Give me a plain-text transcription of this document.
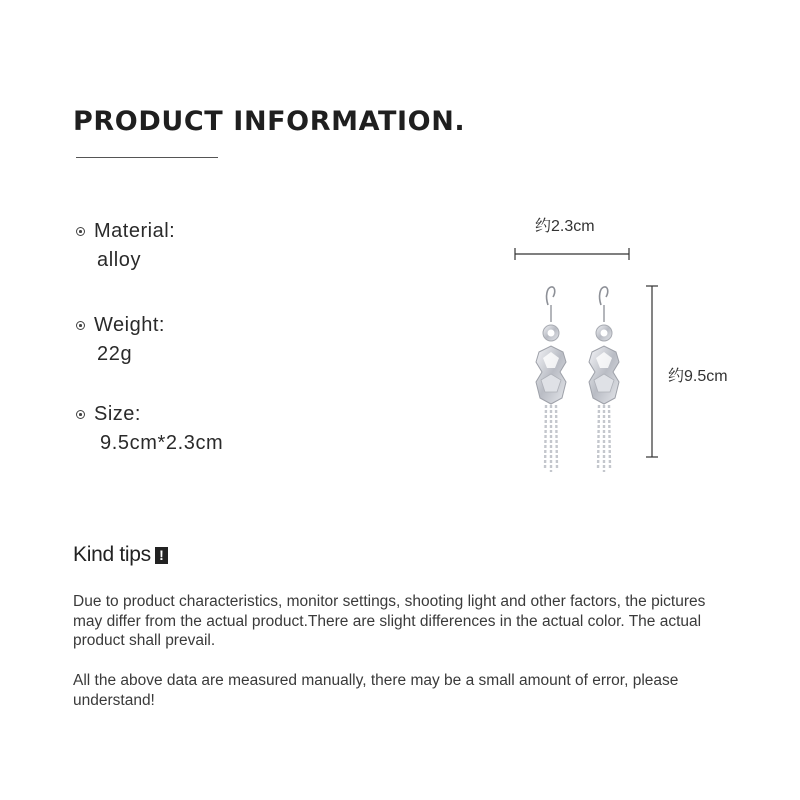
PRODUCT INFORMATION.
Material:
alloy
Weight:
22g
Size:
9.5cm*2.3cm
约2.3cm
约9.5cm
Kind tips !
Due to product characteristics, monitor settings, shooting light and other factors, the pictures may differ from the actual product.There are slight differences in the actual color. The actual product shall prevail.
All the above data are measured manually, there may be a small amount of error, please understand!
